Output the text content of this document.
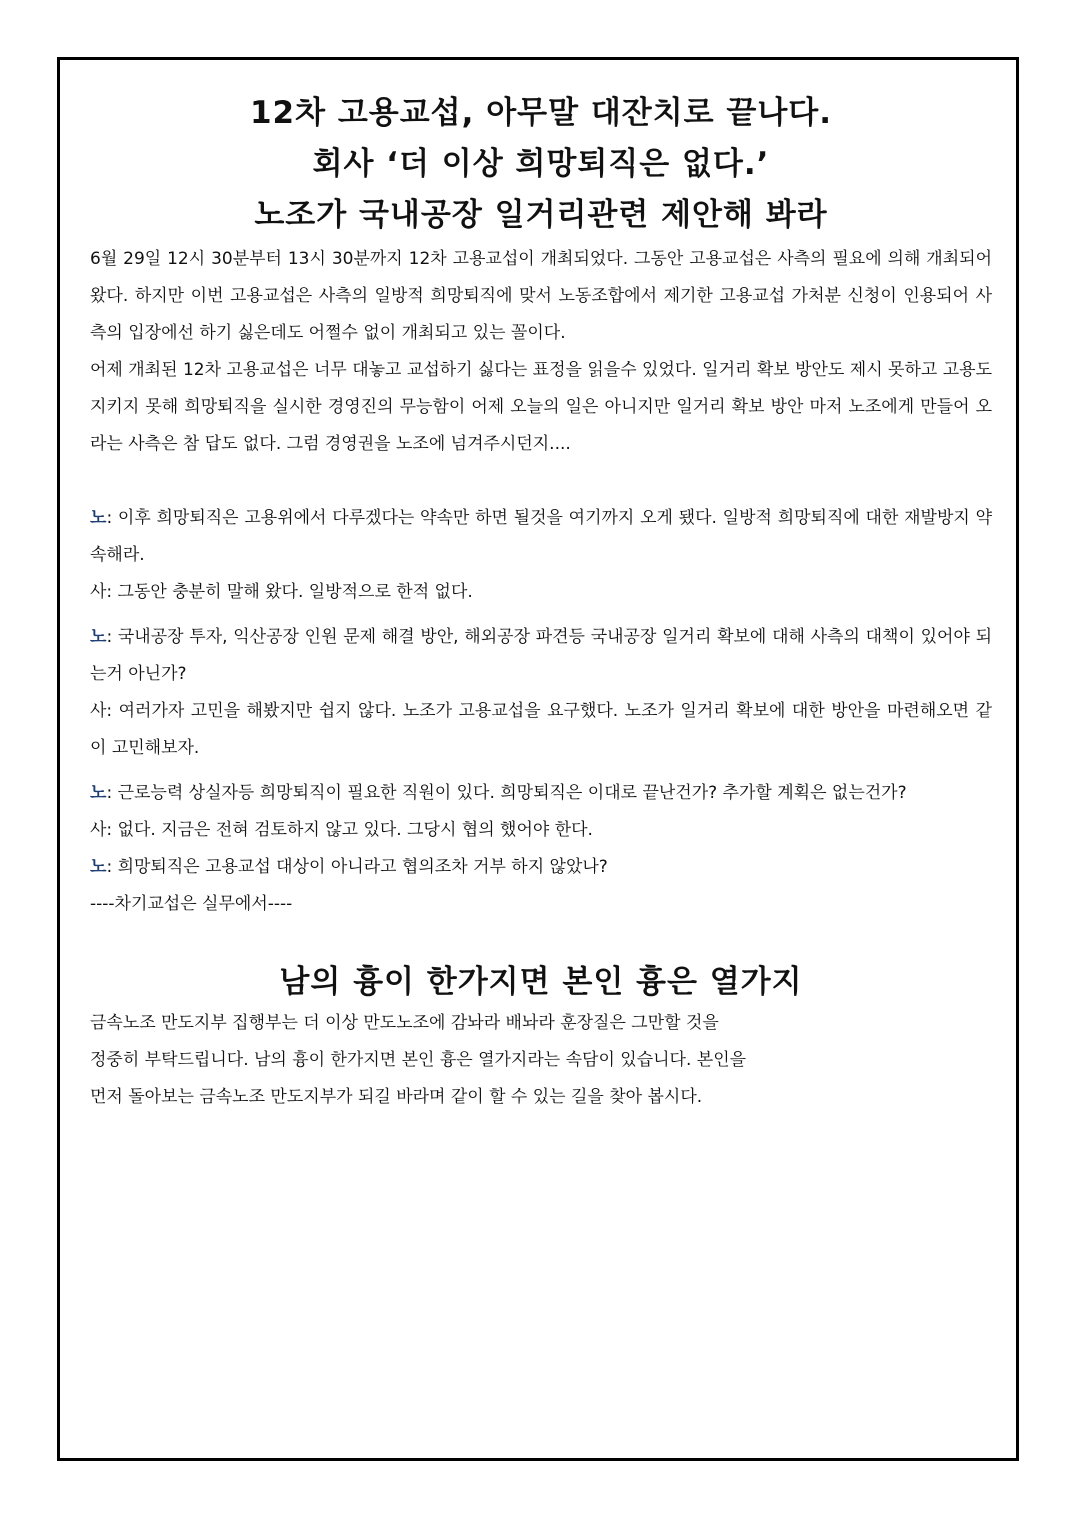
12차 고용교섭, 아무말 대잔치로 끝나다.

회사 ‘더 이상 희망퇴직은 없다.’

노조가 국내공장 일거리관련 제안해 봐라

6월 29일 12시 30분부터 13시 30분까지 12차 고용교섭이 개최되었다. 그동안 고용교섭은 사측의 필요에 의해 개최되어 왔다. 하지만 이번 고용교섭은 사측의 일방적 희망퇴직에 맞서 노동조합에서 제기한 고용교섭 가처분 신청이 인용되어 사측의 입장에선 하기 싫은데도 어쩔수 없이 개최되고 있는 꼴이다.

어제 개최된 12차 고용교섭은 너무 대놓고 교섭하기 싫다는 표정을 읽을수 있었다. 일거리 확보 방안도 제시 못하고 고용도 지키지 못해 희망퇴직을 실시한 경영진의 무능함이 어제 오늘의 일은 아니지만 일거리 확보 방안 마저 노조에게 만들어 오라는 사측은 참 답도 없다. 그럼 경영권을 노조에 넘겨주시던지....

노: 이후 희망퇴직은 고용위에서 다루겠다는 약속만 하면 될것을 여기까지 오게 됐다. 일방적 희망퇴직에 대한 재발방지 약속해라.

사: 그동안 충분히 말해 왔다. 일방적으로 한적 없다.

노: 국내공장 투자, 익산공장 인원 문제 해결 방안, 해외공장 파견등 국내공장 일거리 확보에 대해 사측의 대책이 있어야 되는거 아닌가?

사: 여러가자 고민을 해봤지만 쉽지 않다. 노조가 고용교섭을 요구했다. 노조가 일거리 확보에 대한 방안을 마련해오면 같이 고민해보자.

노: 근로능력 상실자등 희망퇴직이 필요한 직원이 있다. 희망퇴직은 이대로 끝난건가? 추가할 계획은 없는건가?

사: 없다. 지금은 전혀 검토하지 않고 있다. 그당시 협의 했어야 한다.

노: 희망퇴직은 고용교섭 대상이 아니라고 협의조차 거부 하지 않았나?

----차기교섭은 실무에서----

남의 흉이 한가지면 본인 흉은 열가지

금속노조 만도지부 집행부는 더 이상 만도노조에 감놔라 배놔라 훈장질은 그만할 것을

정중히 부탁드립니다. 남의 흉이 한가지면 본인 흉은 열가지라는 속담이 있습니다. 본인을

먼저 돌아보는 금속노조 만도지부가 되길 바라며 같이 할 수 있는 길을 찾아 봅시다.
